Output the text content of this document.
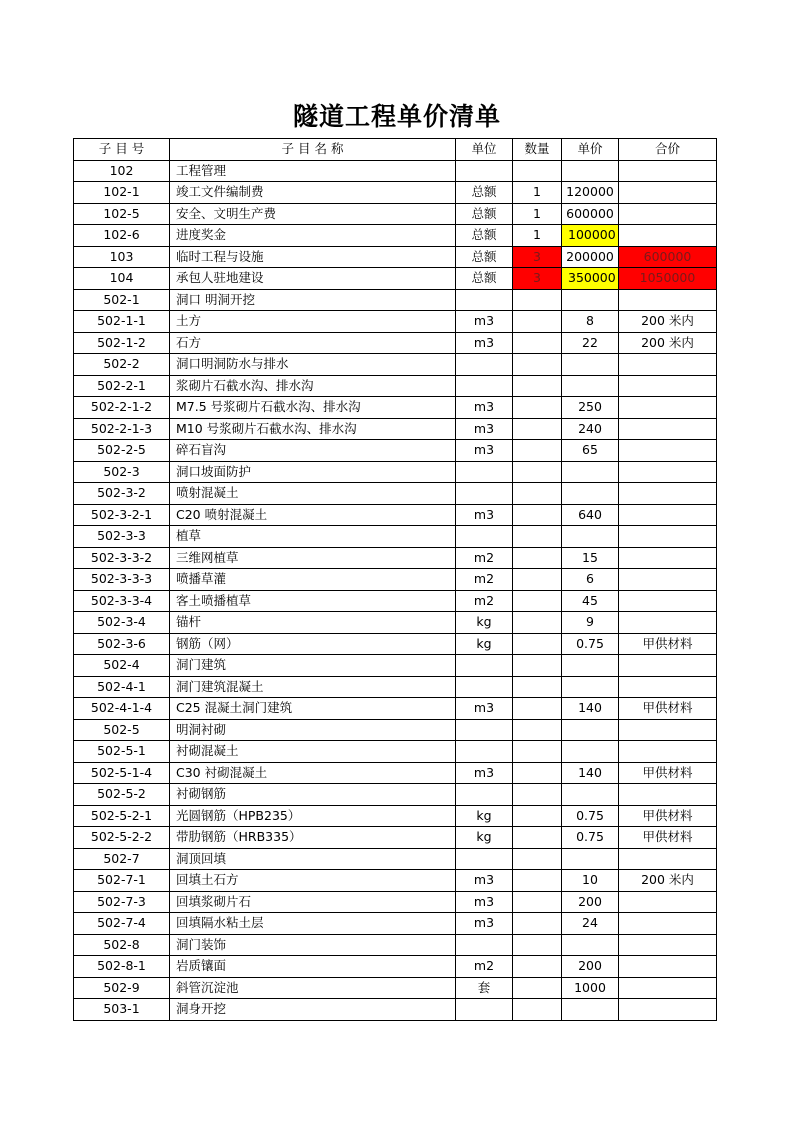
隧道工程单价清单
子 目 号	子 目 名 称	单位	数量	单价	合价
102	工程管理				
102-1	竣工文件编制费	总额	1	120000	
102-5	安全、文明生产费	总额	1	600000	
102-6	进度奖金	总额	1	100000	
103	临时工程与设施	总额	3	200000	600000
104	承包人驻地建设	总额	3	350000	1050000
502-1	洞口 明洞开挖				
502-1-1	土方	m3		8	200 米内
502-1-2	石方	m3		22	200 米内
502-2	洞口明洞防水与排水				
502-2-1	浆砌片石截水沟、排水沟				
502-2-1-2	M7.5 号浆砌片石截水沟、排水沟	m3		250	
502-2-1-3	M10 号浆砌片石截水沟、排水沟	m3		240	
502-2-5	碎石盲沟	m3		65	
502-3	洞口坡面防护				
502-3-2	喷射混凝土				
502-3-2-1	C20 喷射混凝土	m3		640	
502-3-3	植草				
502-3-3-2	三维网植草	m2		15	
502-3-3-3	喷播草灌	m2		6	
502-3-3-4	客土喷播植草	m2		45	
502-3-4	锚杆	kg		9	
502-3-6	钢筋（网）	kg		0.75	甲供材料
502-4	洞门建筑				
502-4-1	洞门建筑混凝土				
502-4-1-4	C25 混凝土洞门建筑	m3		140	甲供材料
502-5	明洞衬砌				
502-5-1	衬砌混凝土				
502-5-1-4	C30 衬砌混凝土	m3		140	甲供材料
502-5-2	衬砌钢筋				
502-5-2-1	光圆钢筋（HPB235）	kg		0.75	甲供材料
502-5-2-2	带肋钢筋（HRB335）	kg		0.75	甲供材料
502-7	洞顶回填				
502-7-1	回填土石方	m3		10	200 米内
502-7-3	回填浆砌片石	m3		200	
502-7-4	回填隔水粘土层	m3		24	
502-8	洞门装饰				
502-8-1	岩质镶面	m2		200	
502-9	斜管沉淀池	套		1000	
503-1	洞身开挖				
